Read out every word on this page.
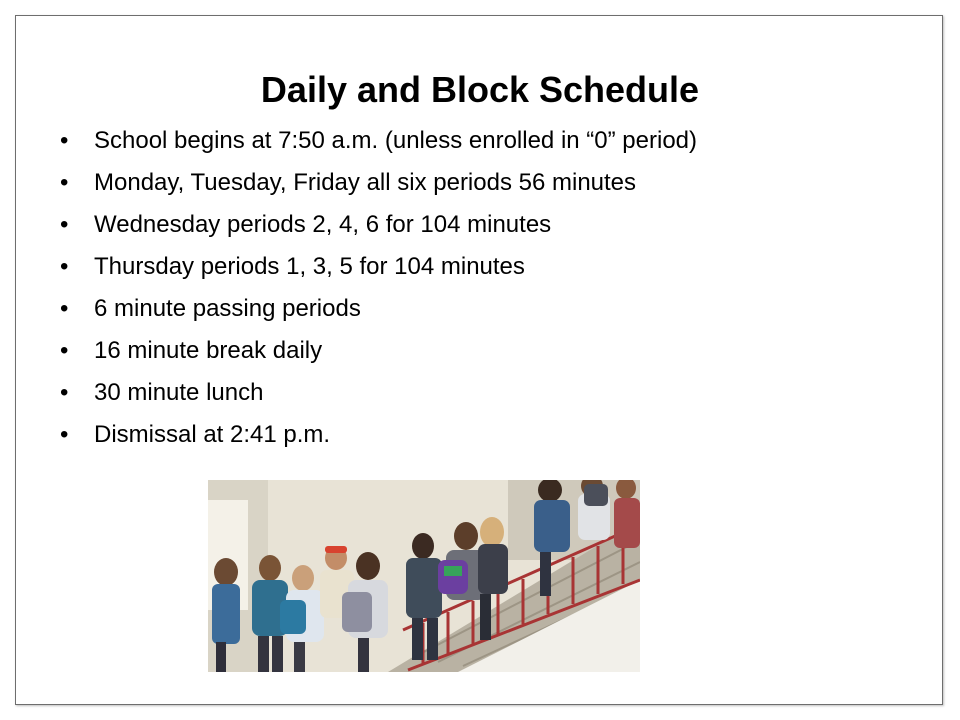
Daily and Block Schedule
•	School begins at 7:50 a.m. (unless enrolled in “0” period)
•	Monday, Tuesday, Friday all six periods 56 minutes
•	Wednesday periods 2, 4, 6 for 104 minutes
•	Thursday periods 1, 3, 5 for 104 minutes
•	6 minute passing periods
•	16 minute break daily
•	30 minute lunch
•	Dismissal at 2:41 p.m.
